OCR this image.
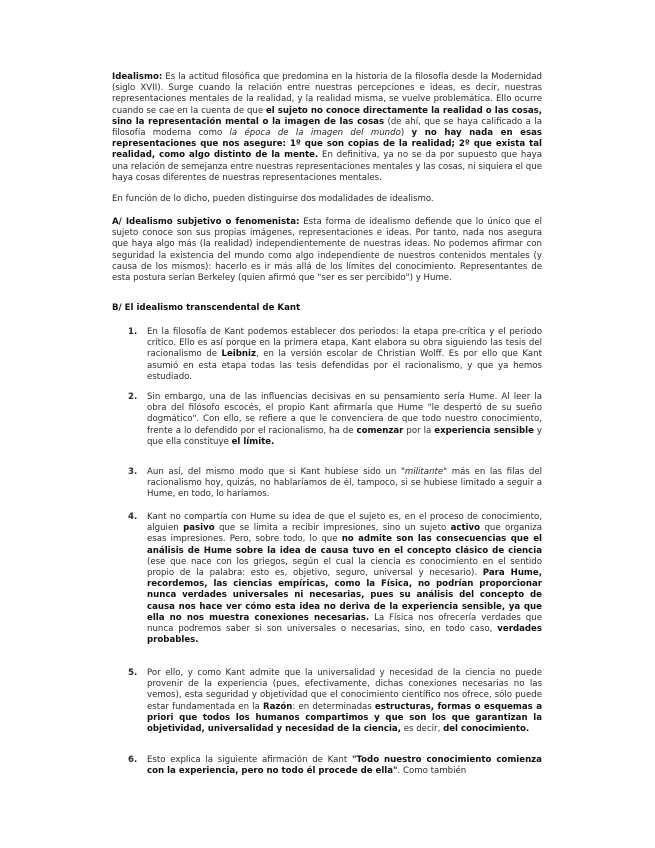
Idealismo: Es la actitud filosófica que predomina en la historia de la filosofía desde la Modernidad (siglo XVII). Surge cuando la relación entre nuestras percepciones e ideas, es decir, nuestras representaciones mentales de la realidad, y la realidad misma, se vuelve problemática. Ello ocurre cuando se cae en la cuenta de que el sujeto no conoce directamente la realidad o las cosas, sino la representación mental o la imagen de las cosas (de ahí, que se haya calificado a la filosofía moderna como la época de la imagen del mundo) y no hay nada en esas representaciones que nos asegure: 1º que son copias de la realidad; 2º que exista tal realidad, como algo distinto de la mente. En definitiva, ya no se da por supuesto que haya una relación de semejanza entre nuestras representaciones mentales y las cosas, ni siquiera el que haya cosas diferentes de nuestras representaciones mentales.

En función de lo dicho, pueden distinguirse dos modalidades de idealismo.

A/ Idealismo subjetivo o fenomenista: Esta forma de idealismo defiende que lo único que el sujeto conoce son sus propias imágenes, representaciones e ideas. Por tanto, nada nos asegura que haya algo más (la realidad) independientemente de nuestras ideas. No podemos afirmar con seguridad la existencia del mundo como algo independiente de nuestros contenidos mentales (y causa de los mismos): hacerlo es ir más allá de los límites del conocimiento. Representantes de esta postura serían Berkeley (quien afirmó que "ser es ser percibido") y Hume.

B/ El idealismo transcendental de Kant

1.	En la filosofía de Kant podemos establecer dos periodos: la etapa pre-crítica y el periodo crítico. Ello es así porque en la primera etapa, Kant elabora su obra siguiendo las tesis del racionalismo de Leibniz, en la versión escolar de Christian Wolff. Es por ello que Kant asumió en esta etapa todas las tesis defendidas por el racionalismo, y que ya hemos estudiado.

2.	Sin embargo, una de las influencias decisivas en su pensamiento sería Hume. Al leer la obra del filósofo escocés, el propio Kant afirmaría que Hume "le despertó de su sueño dogmático". Con ello, se refiere a que le convenciera de que todo nuestro conocimiento, frente a lo defendido por el racionalismo, ha de comenzar por la experiencia sensible y que ella constituye el límite.

3.	Aun así, del mismo modo que si Kant hubiese sido un "militante" más en las filas del racionalismo hoy, quizás, no hablaríamos de él, tampoco, si se hubiese limitado a seguir a Hume, en todo, lo haríamos.

4.	Kant no compartía con Hume su idea de que el sujeto es, en el proceso de conocimiento, alguien pasivo que se limita a recibir impresiones, sino un sujeto activo que organiza esas impresiones. Pero, sobre todo, lo que no admite son las consecuencias que el análisis de Hume sobre la idea de causa tuvo en el concepto clásico de ciencia (ese que nace con los griegos, según el cual la ciencia es conocimiento en el sentido propio de la palabra: esto es, objetivo, seguro, universal y necesario). Para Hume, recordemos, las ciencias empíricas, como la Física, no podrían proporcionar nunca verdades universales ni necesarias, pues su análisis del concepto de causa nos hace ver cómo esta idea no deriva de la experiencia sensible, ya que ella no nos muestra conexiones necesarias. La Física nos ofrecería verdades que nunca podremos saber si son universales o necesarias, sino, en todo caso, verdades probables.

5.	Por ello, y como Kant admite que la universalidad y necesidad de la ciencia no puede provenir de la experiencia (pues, efectivamente, dichas conexiones necesarias no las vemos), esta seguridad y objetividad que el conocimiento científico nos ofrece, sólo puede estar fundamentada en la Razón: en determinadas estructuras, formas o esquemas a priori que todos los humanos compartimos y que son los que garantizan la objetividad, universalidad y necesidad de la ciencia, es decir, del conocimiento.

6.	Esto explica la siguiente afirmación de Kant "Todo nuestro conocimiento comienza con la experiencia, pero no todo él procede de ella". Como también
